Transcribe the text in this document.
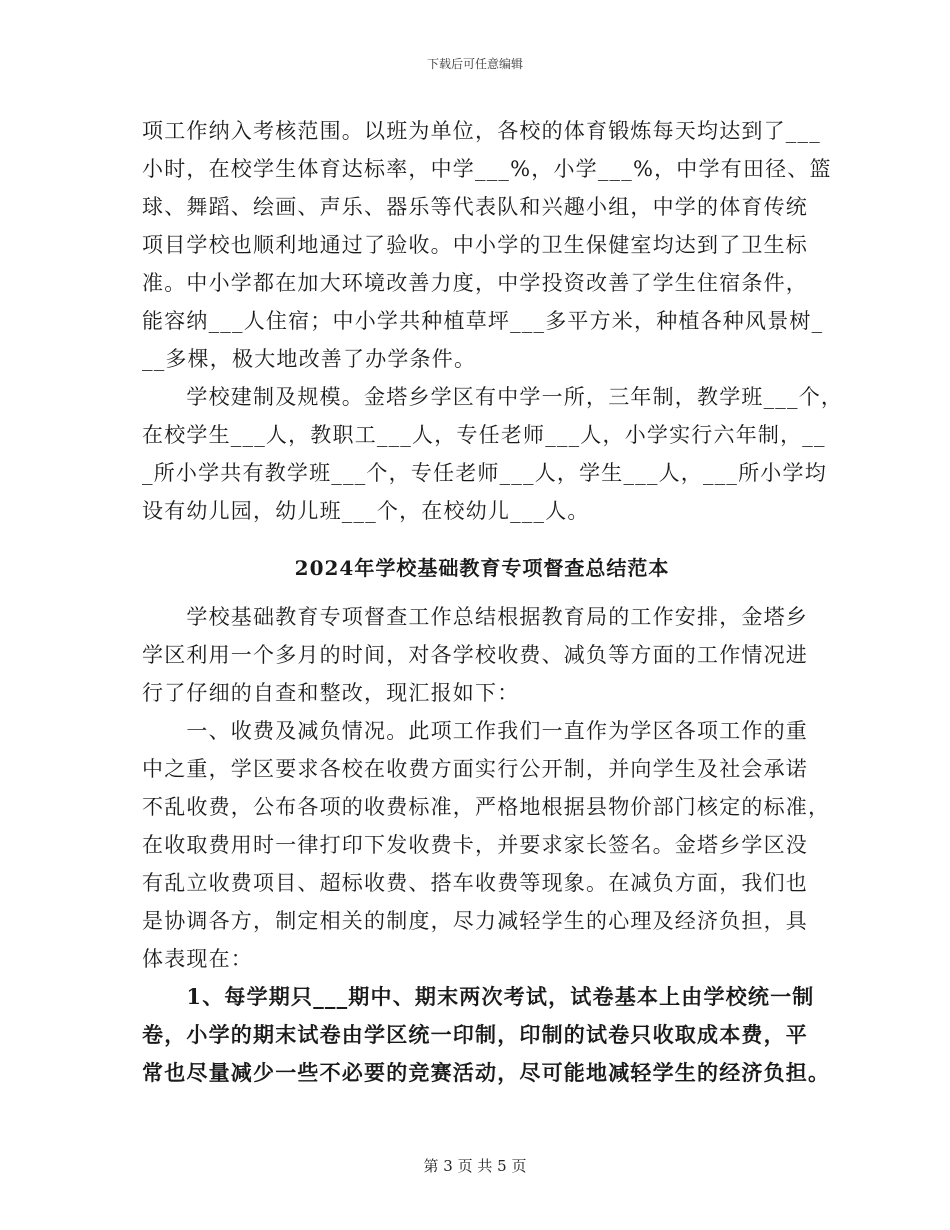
下载后可任意编辑
项工作纳入考核范围。以班为单位，各校的体育锻炼每天均达到了___
小时，在校学生体育达标率，中学___%，小学___%，中学有田径、篮
球、舞蹈、绘画、声乐、器乐等代表队和兴趣小组，中学的体育传统
项目学校也顺利地通过了验收。中小学的卫生保健室均达到了卫生标
准。中小学都在加大环境改善力度，中学投资改善了学生住宿条件，
能容纳___人住宿；中小学共种植草坪___多平方米，种植各种风景树_
__多棵，极大地改善了办学条件。
　　学校建制及规模。金塔乡学区有中学一所，三年制，教学班___个，
在校学生___人，教职工___人，专任老师___人，小学实行六年制，__
_所小学共有教学班___个，专任老师___人，学生___人，___所小学均
设有幼儿园，幼儿班___个，在校幼儿___人。
2024年学校基础教育专项督查总结范本
　　学校基础教育专项督查工作总结根据教育局的工作安排，金塔乡
学区利用一个多月的时间，对各学校收费、减负等方面的工作情况进
行了仔细的自查和整改，现汇报如下：
　　一、收费及减负情况。此项工作我们一直作为学区各项工作的重
中之重，学区要求各校在收费方面实行公开制，并向学生及社会承诺
不乱收费，公布各项的收费标准，严格地根据县物价部门核定的标准，
在收取费用时一律打印下发收费卡，并要求家长签名。金塔乡学区没
有乱立收费项目、超标收费、搭车收费等现象。在减负方面，我们也
是协调各方，制定相关的制度，尽力减轻学生的心理及经济负担，具
体表现在：
　　1、每学期只___期中、期末两次考试，试卷基本上由学校统一制
卷，小学的期末试卷由学区统一印制，印制的试卷只收取成本费，平
常也尽量减少一些不必要的竞赛活动，尽可能地减轻学生的经济负担。
第 3 页 共 5 页
